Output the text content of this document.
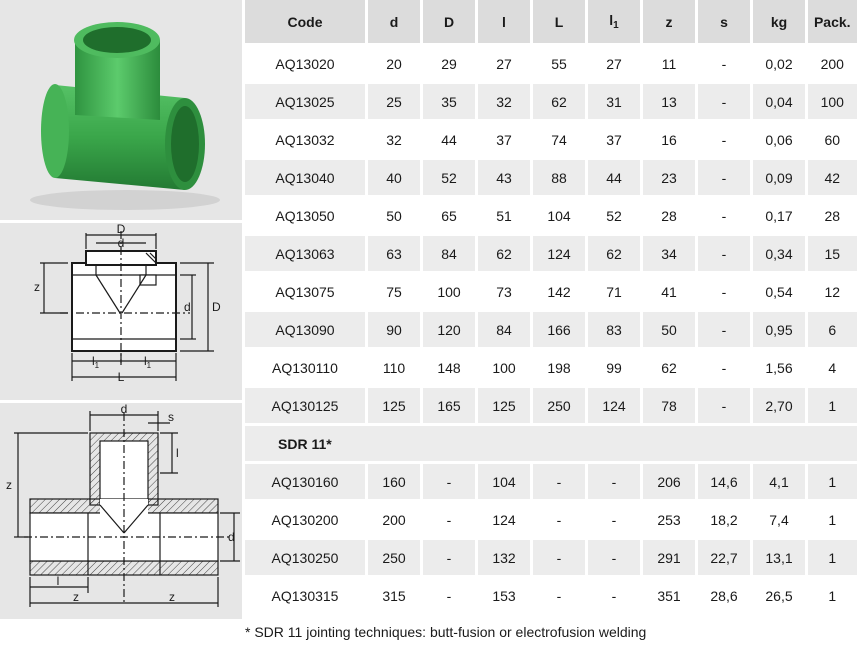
D
d
z
d D
$l_1$	$l_1$
L
d
s
l
z
d
l
z	z
Code	d	D	l	L	$l_1$	z	s	kg	Pack.
AQ13020	20	29	27	55	27	11	-	0,02	200
AQ13025	25	35	32	62	31	13	-	0,04	100
AQ13032	32	44	37	74	37	16	-	0,06	60
AQ13040	40	52	43	88	44	23	-	0,09	42
AQ13050	50	65	51	104	52	28	-	0,17	28
AQ13063	63	84	62	124	62	34	-	0,34	15
AQ13075	75	100	73	142	71	41	-	0,54	12
AQ13090	90	120	84	166	83	50	-	0,95	6
AQ130110	110	148	100	198	99	62	-	1,56	4
AQ130125	125	165	125	250	124	78	-	2,70	1
SDR 11*									
AQ130160	160	-	104	-	-	206	14,6	4,1	1
AQ130200	200	-	124	-	-	253	18,2	7,4	1
AQ130250	250	-	132	-	-	291	22,7	13,1	1
AQ130315	315	-	153	-	-	351	28,6	26,5	1
* SDR 11 jointing techniques: butt-fusion or electrofusion welding
